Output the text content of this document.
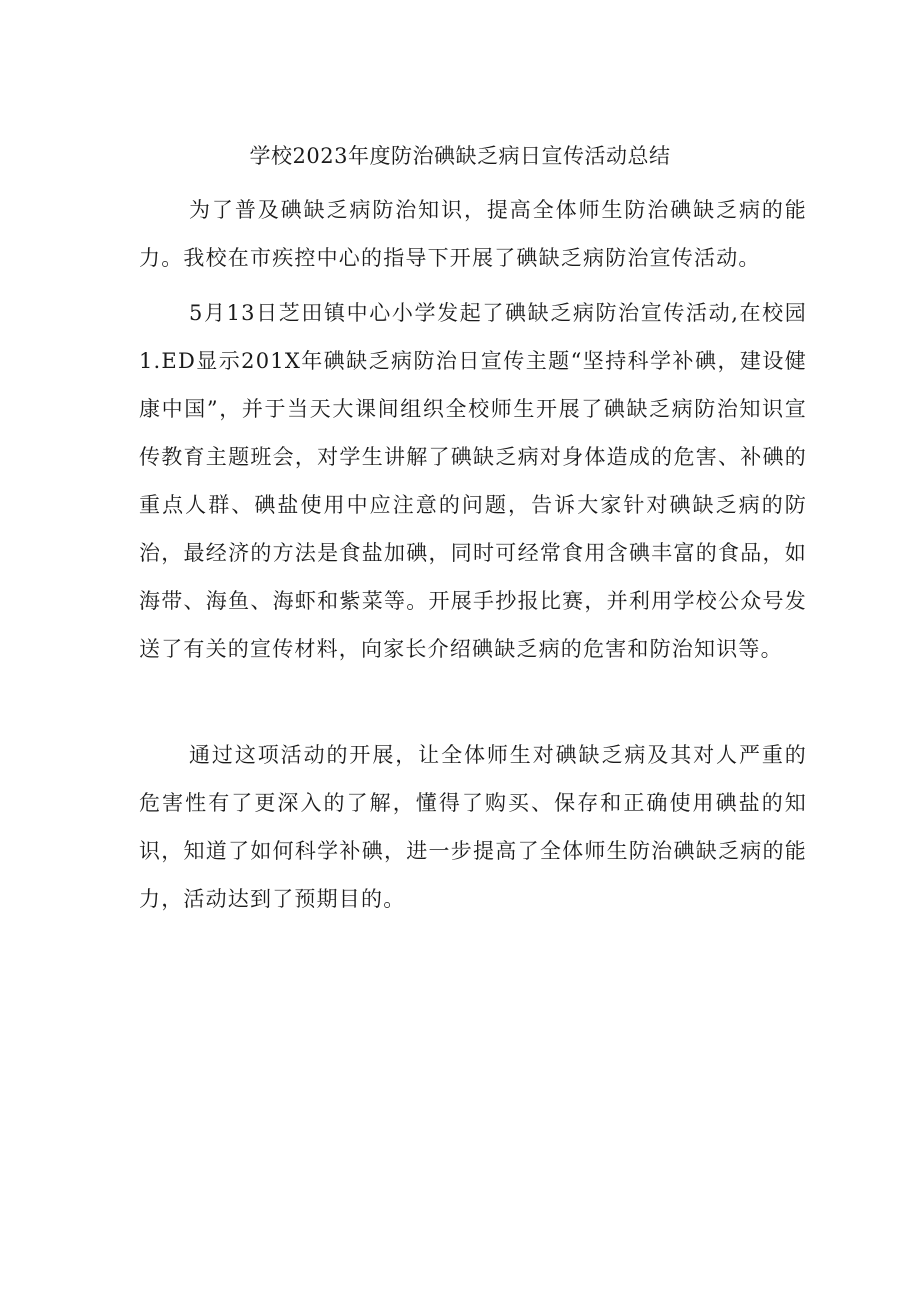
学校2023年度防治碘缺乏病日宣传活动总结

为了普及碘缺乏病防治知识，提高全体师生防治碘缺乏病的能力。我校在市疾控中心的指导下开展了碘缺乏病防治宣传活动。

5月13日芝田镇中心小学发起了碘缺乏病防治宣传活动,在校园1.ED显示201X年碘缺乏病防治日宣传主题“坚持科学补碘，建设健康中国”，并于当天大课间组织全校师生开展了碘缺乏病防治知识宣传教育主题班会，对学生讲解了碘缺乏病对身体造成的危害、补碘的重点人群、碘盐使用中应注意的问题，告诉大家针对碘缺乏病的防治，最经济的方法是食盐加碘，同时可经常食用含碘丰富的食品，如海带、海鱼、海虾和紫菜等。开展手抄报比赛，并利用学校公众号发送了有关的宣传材料，向家长介绍碘缺乏病的危害和防治知识等。

通过这项活动的开展，让全体师生对碘缺乏病及其对人严重的危害性有了更深入的了解，懂得了购买、保存和正确使用碘盐的知识，知道了如何科学补碘，进一步提高了全体师生防治碘缺乏病的能力，活动达到了预期目的。
